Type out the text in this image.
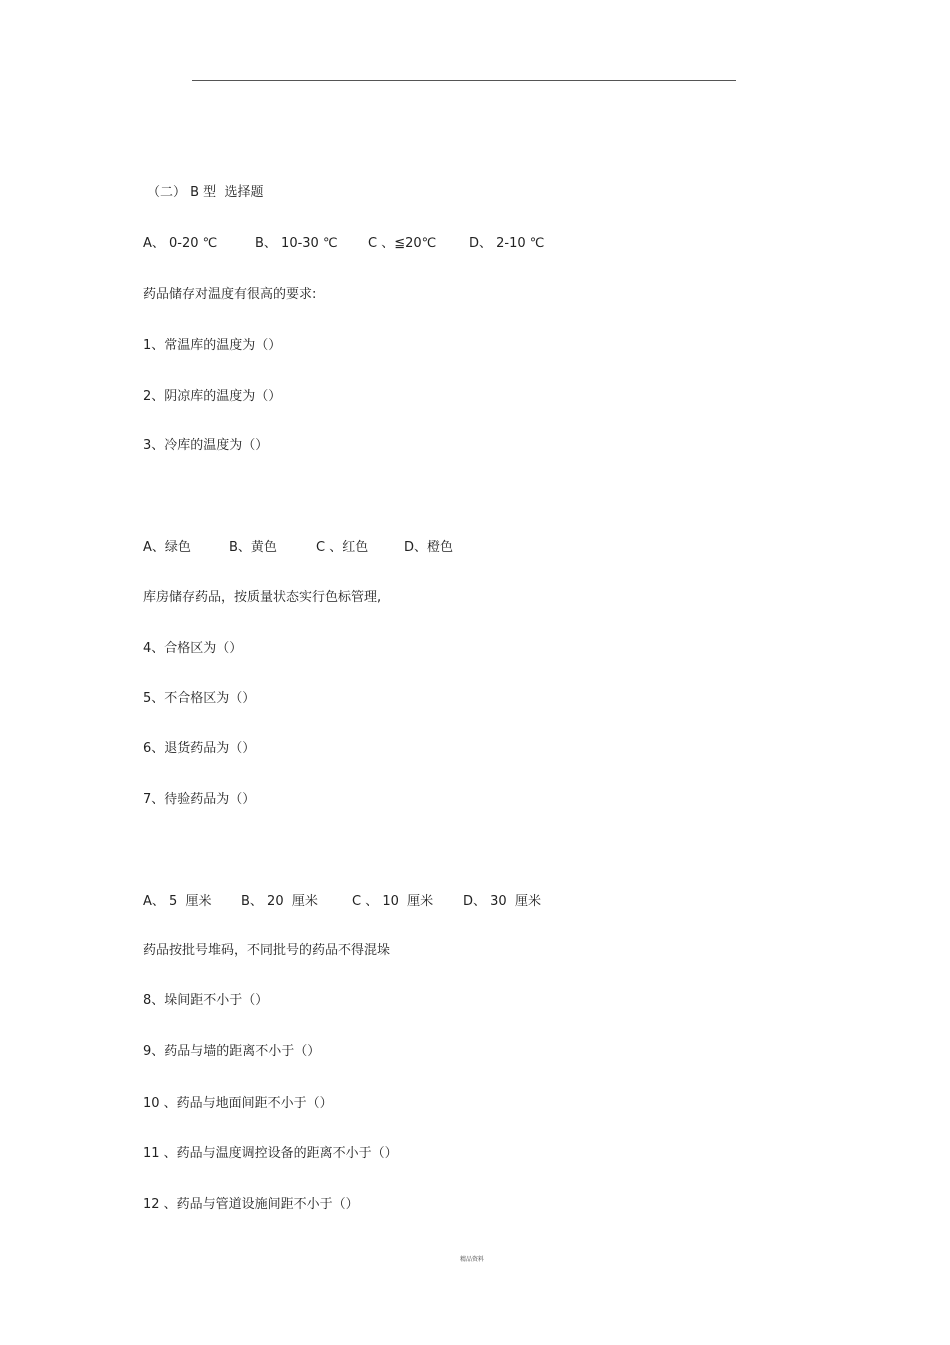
（二） B 型  选择题

A、 0-20 ℃

	B、 10-30 ℃

C 、≦20℃

	D、 2-10 ℃

药品储存对温度有很高的要求:
1、常温库的温度为（）
2、阴凉库的温度为（）
3、冷库的温度为（）

A、绿色

	B、黄色

	C 、红色

	D、橙色

库房储存药品，按质量状态实行色标管理,
4、合格区为（）
5、不合格区为（）
6、退货药品为（）
7、待验药品为（）

A、 5  厘米

B、 20  厘米

	C 、 10  厘米

D、 30  厘米

药品按批号堆码，不同批号的药品不得混垛
8、垛间距不小于（）
9、药品与墙的距离不小于（）
10 、药品与地面间距不小于（）
11 、药品与温度调控设备的距离不小于（）
12 、药品与管道设施间距不小于（）
精品资料
